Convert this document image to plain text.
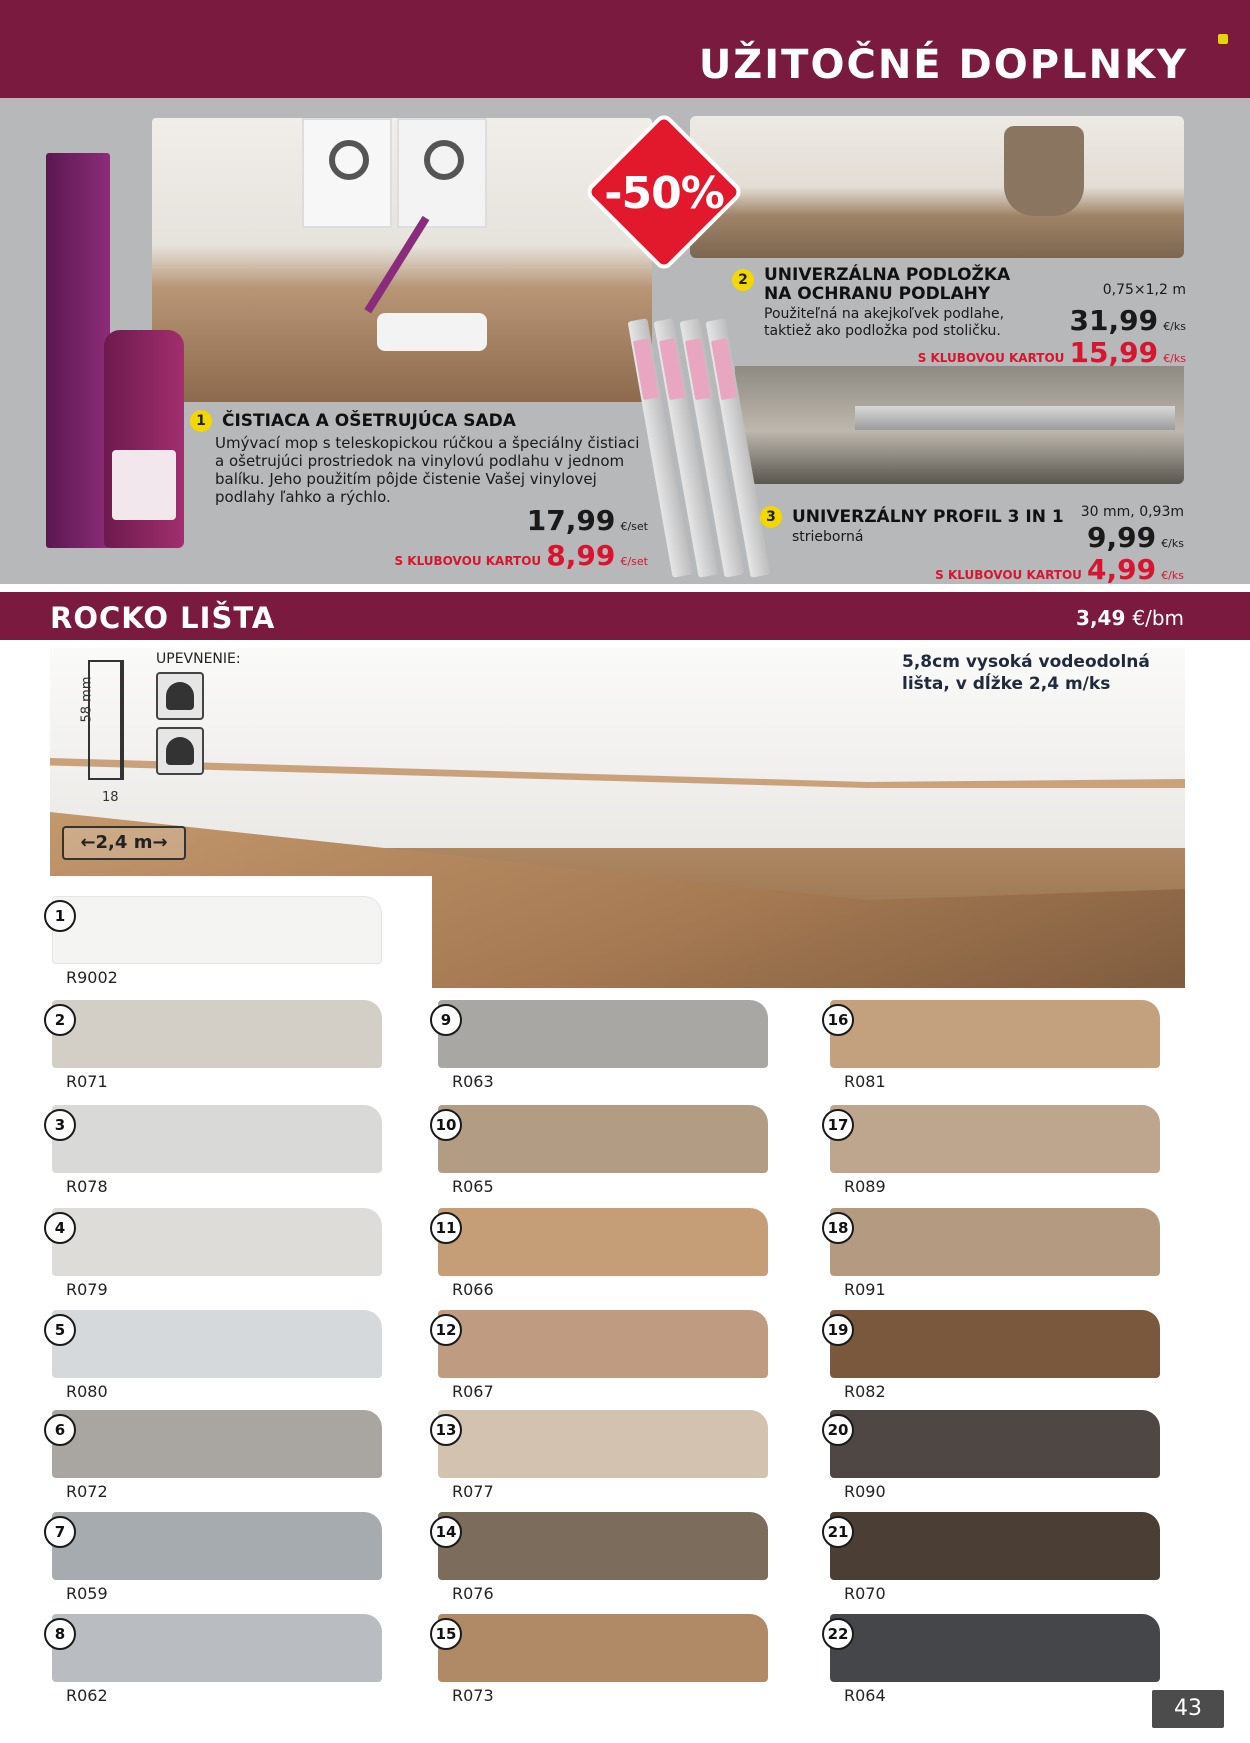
UŽITOČNÉ DOPLNKY
-50%
1 ČISTIACA A OŠETRUJÚCA SADA
Umývací mop s teleskopickou rúčkou a špeciálny čistiaci a ošetrujúci prostriedok na vinylovú podlahu v jednom balíku. Jeho použitím pôjde čistenie Vašej vinylovej podlahy ľahko a rýchlo.
17,99 €/set
S KLUBOVOU KARTOU 8,99 €/set
2 UNIVERZÁLNA PODLOŽKA NA OCHRANU PODLAHY	0,75×1,2 m
Použiteľná na akejkoľvek podlahe, taktiež ako podložka pod stoličku.	31,99 €/ks
S KLUBOVOU KARTOU 15,99 €/ks
3 UNIVERZÁLNY PROFIL 3 IN 1 30 mm, 0,93m
strieborná	9,99 €/ks
S KLUBOVOU KARTOU 4,99 €/ks
ROCKO LIŠTA	3,49 €/bm
5,8cm vysoká vodeodolná lišta, v dĺžke 2,4 m/ks
UPEVNENIE:
58 mm
18
←2,4 m→
1
R9002
2
R071
3
R078
4
R079
5
R080
6
R072
7
R059
8
R062
9
R063
10
R065
11
R066
12
R067
13
R077
14
R076
15
R073
16
R081
17
R089
18
R091
19
R082
20
R090
21
R070
22
R064
43
